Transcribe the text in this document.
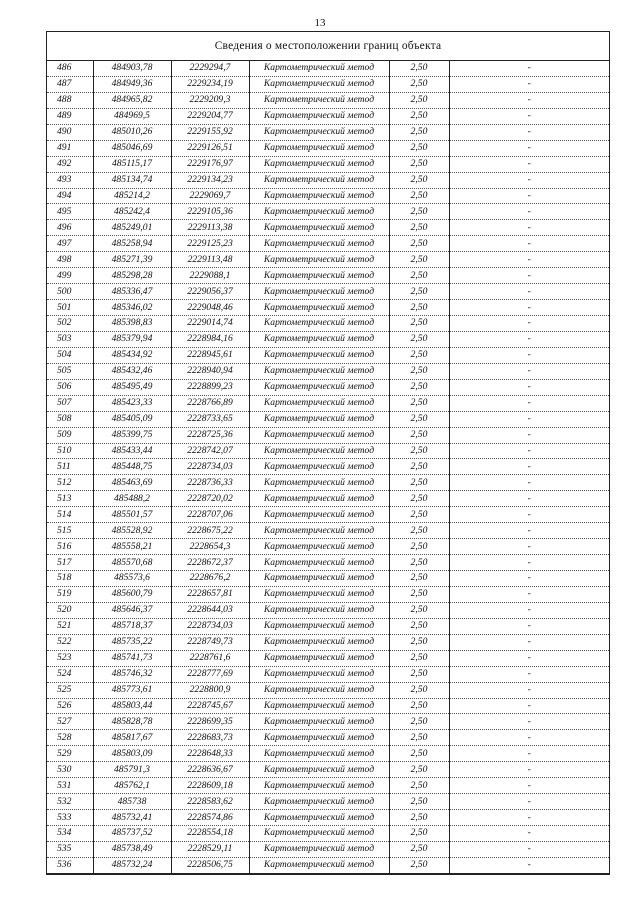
13
Сведения о местоположении границ объекта
486	484903,78	2229294,7	Картометрический метод	2,50	-
487	484949,36	2229234,19	Картометрический метод	2,50	-
488	484965,82	2229209,3	Картометрический метод	2,50	-
489	484969,5	2229204,77	Картометрический метод	2,50	-
490	485010,26	2229155,92	Картометрический метод	2,50	-
491	485046,69	2229126,51	Картометрический метод	2,50	-
492	485115,17	2229176,97	Картометрический метод	2,50	-
493	485134,74	2229134,23	Картометрический метод	2,50	-
494	485214,2	2229069,7	Картометрический метод	2,50	-
495	485242,4	2229105,36	Картометрический метод	2,50	-
496	485249,01	2229113,38	Картометрический метод	2,50	-
497	485258,94	2229125,23	Картометрический метод	2,50	-
498	485271,39	2229113,48	Картометрический метод	2,50	-
499	485298,28	2229088,1	Картометрический метод	2,50	-
500	485336,47	2229056,37	Картометрический метод	2,50	-
501	485346,02	2229048,46	Картометрический метод	2,50	-
502	485398,83	2229014,74	Картометрический метод	2,50	-
503	485379,94	2228984,16	Картометрический метод	2,50	-
504	485434,92	2228945,61	Картометрический метод	2,50	-
505	485432,46	2228940,94	Картометрический метод	2,50	-
506	485495,49	2228899,23	Картометрический метод	2,50	-
507	485423,33	2228766,89	Картометрический метод	2,50	-
508	485405,09	2228733,65	Картометрический метод	2,50	-
509	485399,75	2228725,36	Картометрический метод	2,50	-
510	485433,44	2228742,07	Картометрический метод	2,50	-
511	485448,75	2228734,03	Картометрический метод	2,50	-
512	485463,69	2228736,33	Картометрический метод	2,50	-
513	485488,2	2228720,02	Картометрический метод	2,50	-
514	485501,57	2228707,06	Картометрический метод	2,50	-
515	485528,92	2228675,22	Картометрический метод	2,50	-
516	485558,21	2228654,3	Картометрический метод	2,50	-
517	485570,68	2228672,37	Картометрический метод	2,50	-
518	485573,6	2228676,2	Картометрический метод	2,50	-
519	485600,79	2228657,81	Картометрический метод	2,50	-
520	485646,37	2228644,03	Картометрический метод	2,50	-
521	485718,37	2228734,03	Картометрический метод	2,50	-
522	485735,22	2228749,73	Картометрический метод	2,50	-
523	485741,73	2228761,6	Картометрический метод	2,50	-
524	485746,32	2228777,69	Картометрический метод	2,50	-
525	485773,61	2228800,9	Картометрический метод	2,50	-
526	485803,44	2228745,67	Картометрический метод	2,50	-
527	485828,78	2228699,35	Картометрический метод	2,50	-
528	485817,67	2228683,73	Картометрический метод	2,50	-
529	485803,09	2228648,33	Картометрический метод	2,50	-
530	485791,3	2228636,67	Картометрический метод	2,50	-
531	485762,1	2228609,18	Картометрический метод	2,50	-
532	485738	2228583,62	Картометрический метод	2,50	-
533	485732,41	2228574,86	Картометрический метод	2,50	-
534	485737,52	2228554,18	Картометрический метод	2,50	-
535	485738,49	2228529,11	Картометрический метод	2,50	-
536	485732,24	2228506,75	Картометрический метод	2,50	-
